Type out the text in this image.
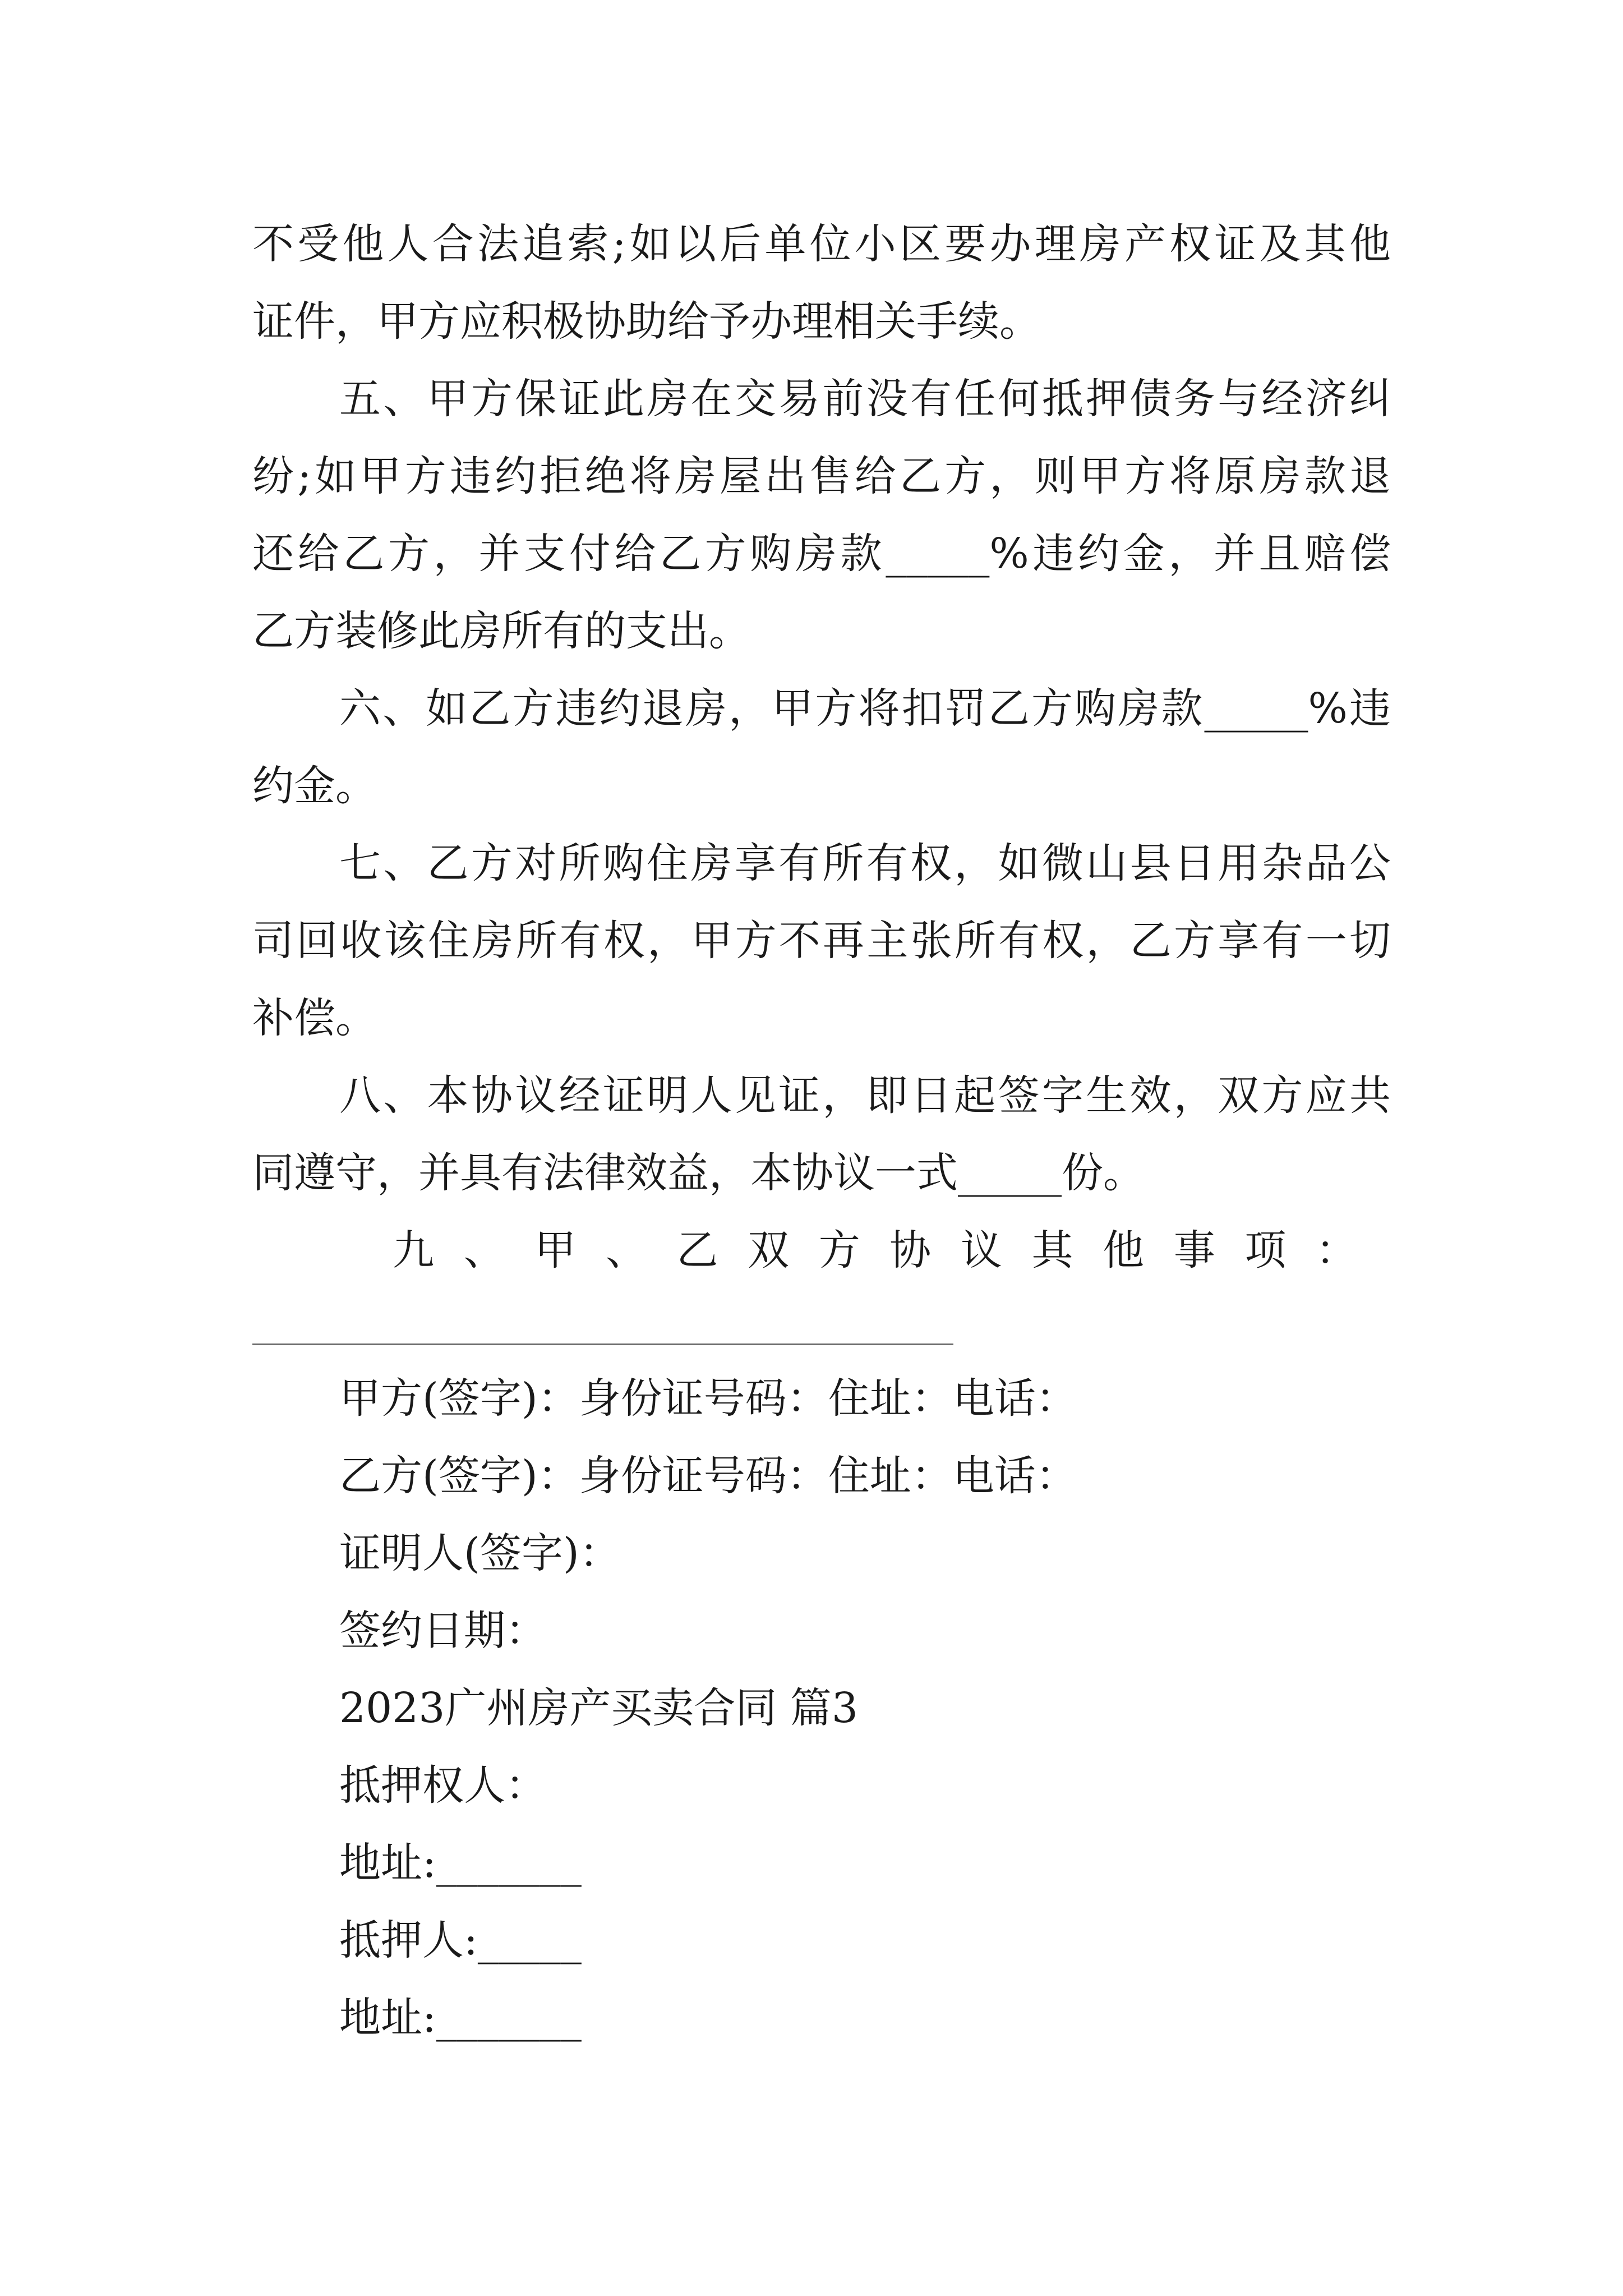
不受他人合法追索;如以后单位小区要办理房产权证及其他
证件，甲方应积极协助给予办理相关手续。
五、甲方保证此房在交易前没有任何抵押债务与经济纠
纷;如甲方违约拒绝将房屋出售给乙方，则甲方将原房款退
还给乙方，并支付给乙方购房款_____%违约金，并且赔偿
乙方装修此房所有的支出。
六、如乙方违约退房，甲方将扣罚乙方购房款_____%违
约金。
七、乙方对所购住房享有所有权，如微山县日用杂品公
司回收该住房所有权，甲方不再主张所有权，乙方享有一切
补偿。
八、本协议经证明人见证，即日起签字生效，双方应共
同遵守，并具有法律效益，本协议一式_____份。
九、甲、乙双方协议其他事项：
甲方(签字)：身份证号码：住址：电话：
乙方(签字)：身份证号码：住址：电话：
证明人(签字)：
签约日期：
2023广州房产买卖合同 篇3
抵押权人：
地址:_______
抵押人:_____
地址:_______
